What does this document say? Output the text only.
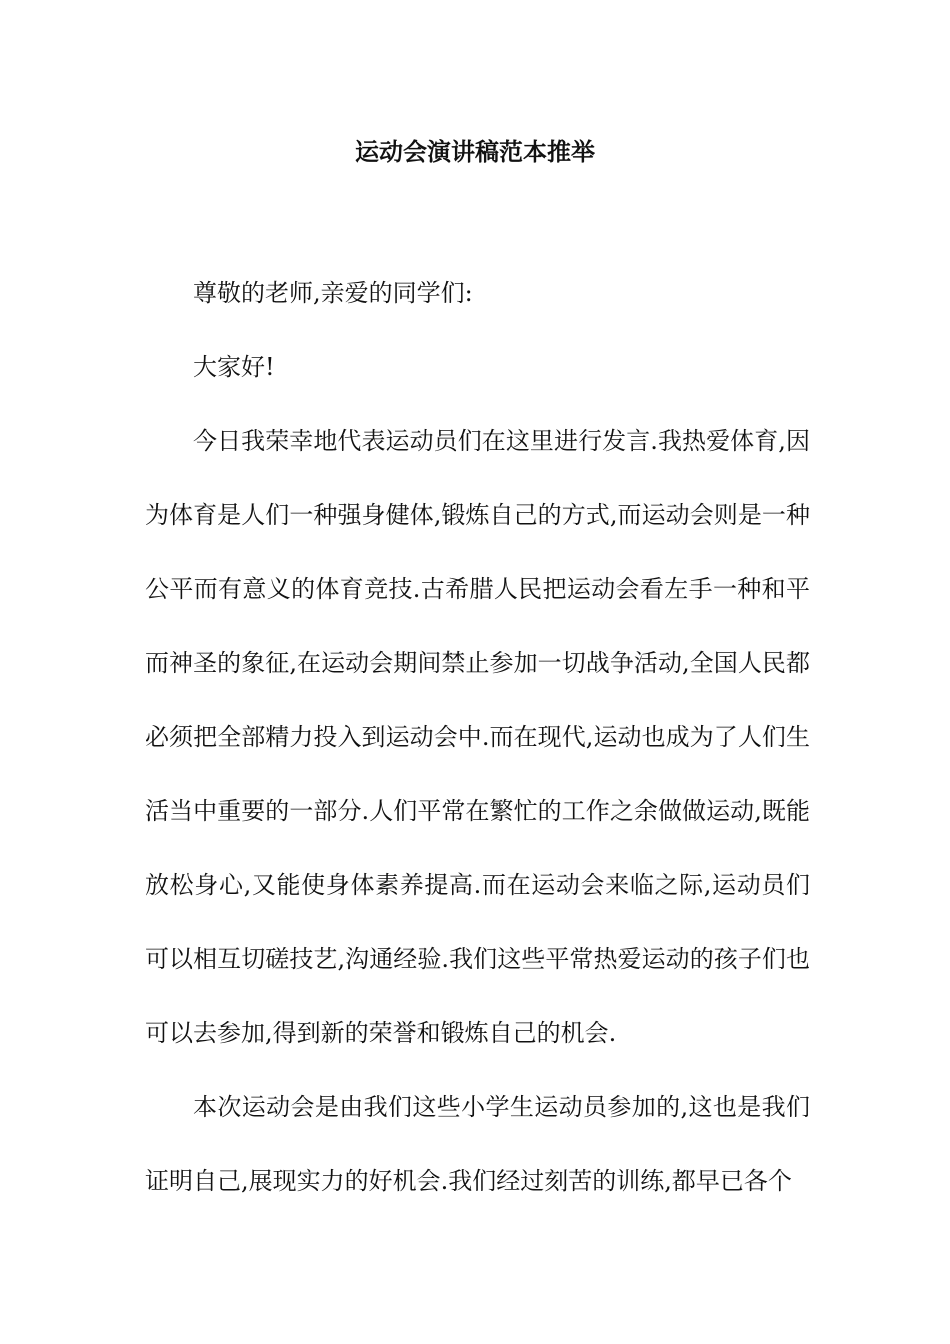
运动会演讲稿范本推举

尊敬的老师,亲爱的同学们:

大家好!

今日我荣幸地代表运动员们在这里进行发言.我热爱体育,因为体育是人们一种强身健体,锻炼自己的方式,而运动会则是一种公平而有意义的体育竞技.古希腊人民把运动会看左手一种和平而神圣的象征,在运动会期间禁止参加一切战争活动,全国人民都必须把全部精力投入到运动会中.而在现代,运动也成为了人们生活当中重要的一部分.人们平常在繁忙的工作之余做做运动,既能放松身心,又能使身体素养提高.而在运动会来临之际,运动员们可以相互切磋技艺,沟通经验.我们这些平常热爱运动的孩子们也可以去参加,得到新的荣誉和锻炼自己的机会.

本次运动会是由我们这些小学生运动员参加的,这也是我们证明自己,展现实力的好机会.我们经过刻苦的训练,都早已各个
